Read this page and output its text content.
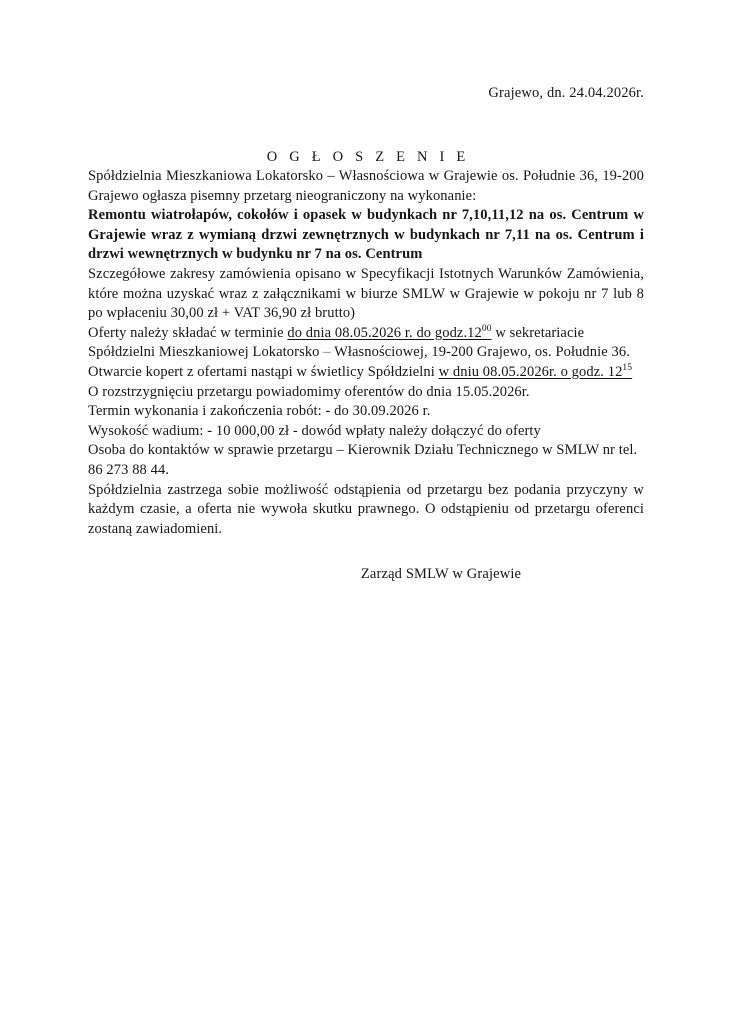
Grajewo, dn. 24.04.2026r.
O G Ł O S Z E N I E

Spółdzielnia Mieszkaniowa Lokatorsko – Własnościowa w Grajewie os. Południe 36, 19-200 Grajewo ogłasza pisemny przetarg nieograniczony na wykonanie:

Remontu wiatrołapów, cokołów i opasek w budynkach nr 7,10,11,12 na os. Centrum w Grajewie wraz z wymianą drzwi zewnętrznych w budynkach nr 7,11 na os. Centrum i drzwi wewnętrznych w budynku nr 7 na os. Centrum

Szczegółowe zakresy zamówienia opisano w Specyfikacji Istotnych Warunków Zamówienia, które można uzyskać wraz z załącznikami w biurze SMLW w Grajewie w pokoju nr 7 lub 8 po wpłaceniu 30,00 zł + VAT 36,90 zł brutto)

Oferty należy składać w terminie do dnia 08.05.2026 r. do $godz.12^{00}$ w sekretariacie Spółdzielni Mieszkaniowej Lokatorsko – Własnościowej, 19-200 Grajewo, os. Południe 36.

Otwarcie kopert z ofertami nastąpi w świetlicy Spółdzielni w dniu 08.05.2026r. o godz. $12^{15}$

O rozstrzygnięciu przetargu powiadomimy oferentów do dnia 15.05.2026r.

Termin wykonania i zakończenia robót: - do 30.09.2026 r.

Wysokość wadium: - 10 000,00 zł - dowód wpłaty należy dołączyć do oferty

Osoba do kontaktów w sprawie przetargu – Kierownik Działu Technicznego w SMLW nr tel. 86 273 88 44.

Spółdzielnia zastrzega sobie możliwość odstąpienia od przetargu bez podania przyczyny w każdym czasie, a oferta nie wywoła skutku prawnego. O odstąpieniu od przetargu oferenci zostaną zawiadomieni.

Zarząd SMLW w Grajewie
